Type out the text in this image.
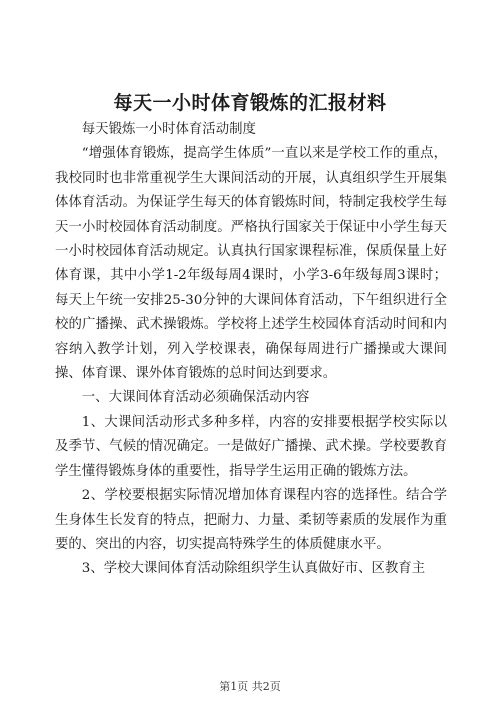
每天一小时体育锻炼的汇报材料

每天锻炼一小时体育活动制度

“增强体育锻炼，提高学生体质”一直以来是学校工作的重点，我校同时也非常重视学生大课间活动的开展，认真组织学生开展集体体育活动。为保证学生每天的体育锻炼时间，特制定我校学生每天一小时校园体育活动制度。严格执行国家关于保证中小学生每天一小时校园体育活动规定。认真执行国家课程标准，保质保量上好体育课，其中小学1-2年级每周4课时，小学3-6年级每周3课时；每天上午统一安排25-30分钟的大课间体育活动，下午组织进行全校的广播操、武术操锻炼。学校将上述学生校园体育活动时间和内容纳入教学计划，列入学校课表，确保每周进行广播操或大课间操、体育课、课外体育锻炼的总时间达到要求。

一、大课间体育活动必须确保活动内容

1、大课间活动形式多种多样，内容的安排要根据学校实际以及季节、气候的情况确定。一是做好广播操、武术操。学校要教育学生懂得锻炼身体的重要性，指导学生运用正确的锻炼方法。

2、学校要根据实际情况增加体育课程内容的选择性。结合学生身体生长发育的特点，把耐力、力量、柔韧等素质的发展作为重要的、突出的内容，切实提高特殊学生的体质健康水平。

3、学校大课间体育活动除组织学生认真做好市、区教育主

第1页 共2页
